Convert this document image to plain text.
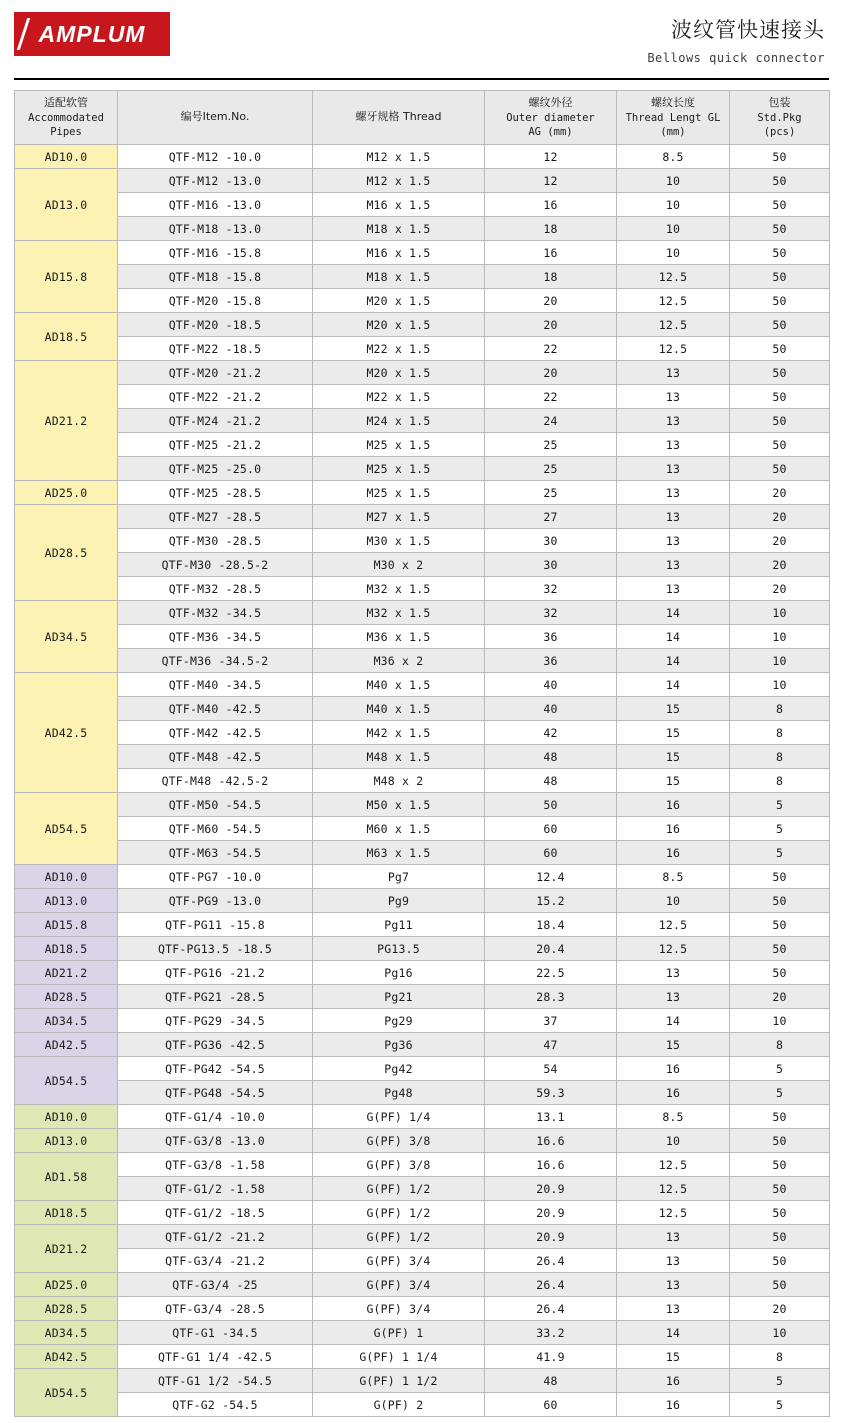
AMPLUM	波纹管快速接头
Bellows quick connector
适配软管
Accommodated
Pipes	编号Item.No.	螺牙规格 Thread	螺纹外径
Outer diameter
AG (mm)	螺纹长度
Thread Lengt GL
(mm)	包装
Std.Pkg
(pcs)

AD10.0	QTF-M12 -10.0	M12 x 1.5	12	8.5	50
AD13.0	QTF-M12 -13.0	M12 x 1.5	12	10	50
	QTF-M16 -13.0	M16 x 1.5	16	10	50
	QTF-M18 -13.0	M18 x 1.5	18	10	50
AD15.8	QTF-M16 -15.8	M16 x 1.5	16	10	50
	QTF-M18 -15.8	M18 x 1.5	18	12.5	50
	QTF-M20 -15.8	M20 x 1.5	20	12.5	50
AD18.5	QTF-M20 -18.5	M20 x 1.5	20	12.5	50
	QTF-M22 -18.5	M22 x 1.5	22	12.5	50
AD21.2	QTF-M20 -21.2	M20 x 1.5	20	13	50
	QTF-M22 -21.2	M22 x 1.5	22	13	50
	QTF-M24 -21.2	M24 x 1.5	24	13	50
	QTF-M25 -21.2	M25 x 1.5	25	13	50
	QTF-M25 -25.0	M25 x 1.5	25	13	50
AD25.0	QTF-M25 -28.5	M25 x 1.5	25	13	20
AD28.5	QTF-M27 -28.5	M27 x 1.5	27	13	20
	QTF-M30 -28.5	M30 x 1.5	30	13	20
	QTF-M30 -28.5-2	M30 x 2	30	13	20
	QTF-M32 -28.5	M32 x 1.5	32	13	20
AD34.5	QTF-M32 -34.5	M32 x 1.5	32	14	10
	QTF-M36 -34.5	M36 x 1.5	36	14	10
	QTF-M36 -34.5-2	M36 x 2	36	14	10
AD42.5	QTF-M40 -34.5	M40 x 1.5	40	14	10
	QTF-M40 -42.5	M40 x 1.5	40	15	8
	QTF-M42 -42.5	M42 x 1.5	42	15	8
	QTF-M48 -42.5	M48 x 1.5	48	15	8
	QTF-M48 -42.5-2	M48 x 2	48	15	8
AD54.5	QTF-M50 -54.5	M50 x 1.5	50	16	5
	QTF-M60 -54.5	M60 x 1.5	60	16	5
	QTF-M63 -54.5	M63 x 1.5	60	16	5
AD10.0	QTF-PG7 -10.0	Pg7	12.4	8.5	50
AD13.0	QTF-PG9 -13.0	Pg9	15.2	10	50
AD15.8	QTF-PG11 -15.8	Pg11	18.4	12.5	50
AD18.5	QTF-PG13.5 -18.5	PG13.5	20.4	12.5	50
AD21.2	QTF-PG16 -21.2	Pg16	22.5	13	50
AD28.5	QTF-PG21 -28.5	Pg21	28.3	13	20
AD34.5	QTF-PG29 -34.5	Pg29	37	14	10
AD42.5	QTF-PG36 -42.5	Pg36	47	15	8
AD54.5	QTF-PG42 -54.5	Pg42	54	16	5
	QTF-PG48 -54.5	Pg48	59.3	16	5
AD10.0	QTF-G1/4 -10.0	G(PF) 1/4	13.1	8.5	50
AD13.0	QTF-G3/8 -13.0	G(PF) 3/8	16.6	10	50
AD1.58	QTF-G3/8 -1.58	G(PF) 3/8	16.6	12.5	50
	QTF-G1/2 -1.58	G(PF) 1/2	20.9	12.5	50
AD18.5	QTF-G1/2 -18.5	G(PF) 1/2	20.9	12.5	50
AD21.2	QTF-G1/2 -21.2	G(PF) 1/2	20.9	13	50
	QTF-G3/4 -21.2	G(PF) 3/4	26.4	13	50
AD25.0	QTF-G3/4 -25	G(PF) 3/4	26.4	13	50
AD28.5	QTF-G3/4 -28.5	G(PF) 3/4	26.4	13	20
AD34.5	QTF-G1 -34.5	G(PF) 1	33.2	14	10
AD42.5	QTF-G1 1/4 -42.5	G(PF) 1 1/4	41.9	15	8
AD54.5	QTF-G1 1/2 -54.5	G(PF) 1 1/2	48	16	5
	QTF-G2 -54.5	G(PF) 2	60	16	5
